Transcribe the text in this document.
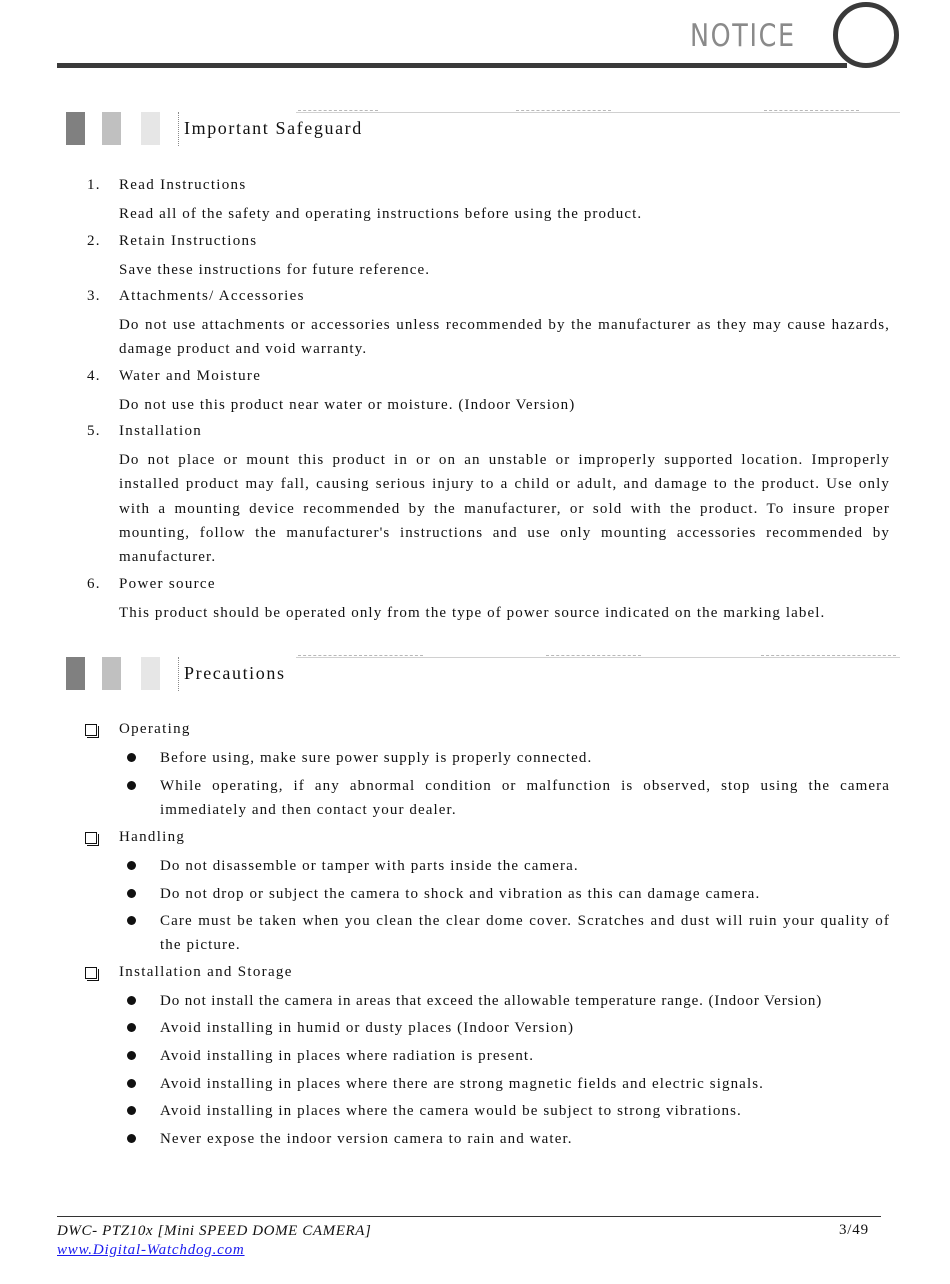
NOTICE
Important Safeguard
1. Read Instructions
Read all of the safety and operating instructions before using the product.
2. Retain Instructions
Save these instructions for future reference.
3. Attachments/ Accessories
Do not use attachments or accessories unless recommended by the manufacturer as they may cause hazards, damage product and void warranty.
4. Water and Moisture
Do not use this product near water or moisture. (Indoor Version)
5. Installation
Do not place or mount this product in or on an unstable or improperly supported location. Improperly installed product may fall, causing serious injury to a child or adult, and damage to the product. Use only with a mounting device recommended by the manufacturer, or sold with the product. To insure proper mounting, follow the manufacturer's instructions and use only mounting accessories recommended by manufacturer.
6. Power source
This product should be operated only from the type of power source indicated on the marking label.
Precautions
Operating
Before using, make sure power supply is properly connected.
While operating, if any abnormal condition or malfunction is observed, stop using the camera immediately and then contact your dealer.
Handling
Do not disassemble or tamper with parts inside the camera.
Do not drop or subject the camera to shock and vibration as this can damage camera.
Care must be taken when you clean the clear dome cover. Scratches and dust will ruin your quality of the picture.
Installation and Storage
Do not install the camera in areas that exceed the allowable temperature range. (Indoor Version)
Avoid installing in humid or dusty places (Indoor Version)
Avoid installing in places where radiation is present.
Avoid installing in places where there are strong magnetic fields and electric signals.
Avoid installing in places where the camera would be subject to strong vibrations.
Never expose the indoor version camera to rain and water.
DWC- PTZ10x [Mini SPEED DOME CAMERA]
www.Digital-Watchdog.com
3/49
